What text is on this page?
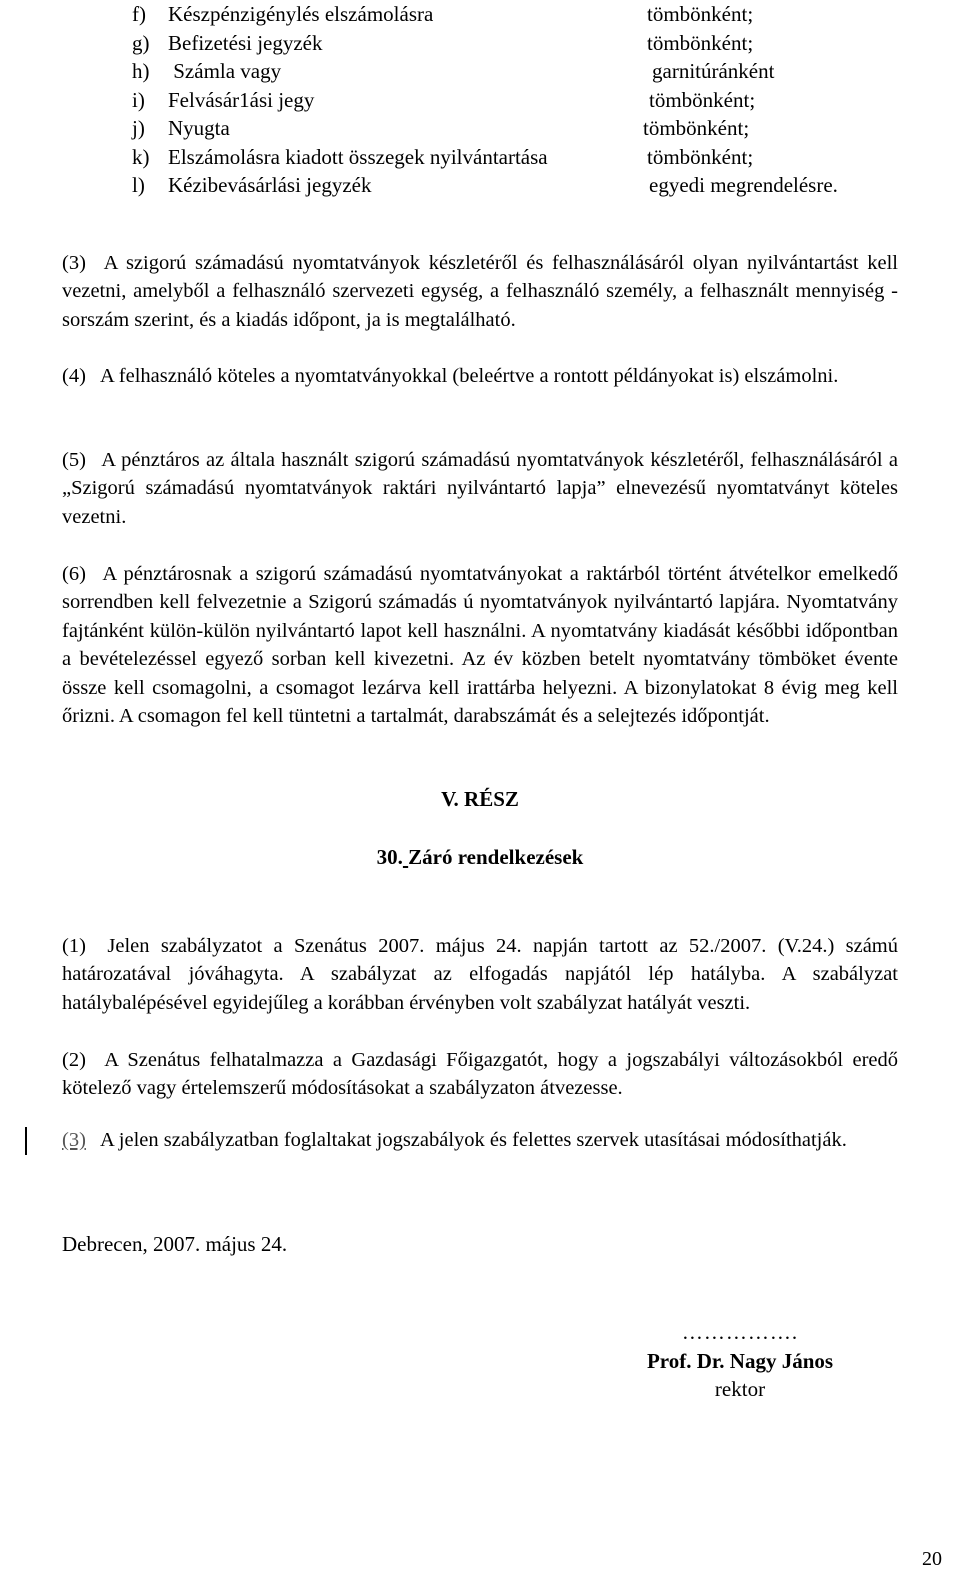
f) Készpénzigénylés elszámolásra	tömbönként;
g) Befizetési jegyzék	tömbönként;
h) Számla vagy	garnitúránként
i) Felvásár1ási jegy	tömbönként;
j) Nyugta	tömbönként;
k) Elszámolásra kiadott összegek nyilvántartása	tömbönként;
l) Kézibevásárlási jegyzék	egyedi megrendelésre.

(3) A szigorú számadású nyomtatványok készletéről és felhasználásáról olyan nyilvántartást kell vezetni, amelyből a felhasználó szervezeti egység, a felhasználó személy, a felhasznált mennyiség - sorszám szerint, és a kiadás időpont, ja is megtalálható.

(4) A felhasználó köteles a nyomtatványokkal (beleértve a rontott példányokat is) elszámolni.

(5) A pénztáros az általa használt szigorú számadású nyomtatványok készletéről, felhasználásáról a „Szigorú számadású nyomtatványok raktári nyilvántartó lapja” elnevezésű nyomtatványt köteles vezetni.

(6) A pénztárosnak a szigorú számadású nyomtatványokat a raktárból történt átvételkor emelkedő sorrendben kell felvezetnie a Szigorú számadás ú nyomtatványok nyilvántartó lapjára. Nyomtatvány fajtánként külön-külön nyilvántartó lapot kell használni. A nyomtatvány kiadását későbbi időpontban a bevételezéssel egyező sorban kell kivezetni. Az év közben betelt nyomtatvány tömböket évente össze kell csomagolni, a csomagot lezárva kell irattárba helyezni. A bizonylatokat 8 évig meg kell őrizni. A csomagon fel kell tüntetni a tartalmát, darabszámát és a selejtezés időpontját.

V. RÉSZ
30. Záró rendelkezések

(1) Jelen szabályzatot a Szenátus 2007. május 24. napján tartott az 52./2007. (V.24.) számú határozatával jóváhagyta. A szabályzat az elfogadás napjától lép hatályba. A szabályzat hatálybalépésével egyidejűleg a korábban érvényben volt szabályzat hatályát veszti.

(2) A Szenátus felhatalmazza a Gazdasági Főigazgatót, hogy a jogszabályi változásokból eredő kötelező vagy értelemszerű módosításokat a szabályzaton átvezesse.

(3) A jelen szabályzatban foglaltakat jogszabályok és felettes szervek utasításai módosíthatják.

Debrecen, 2007. május 24.
…………….
Prof. Dr. Nagy János
rektor
20
